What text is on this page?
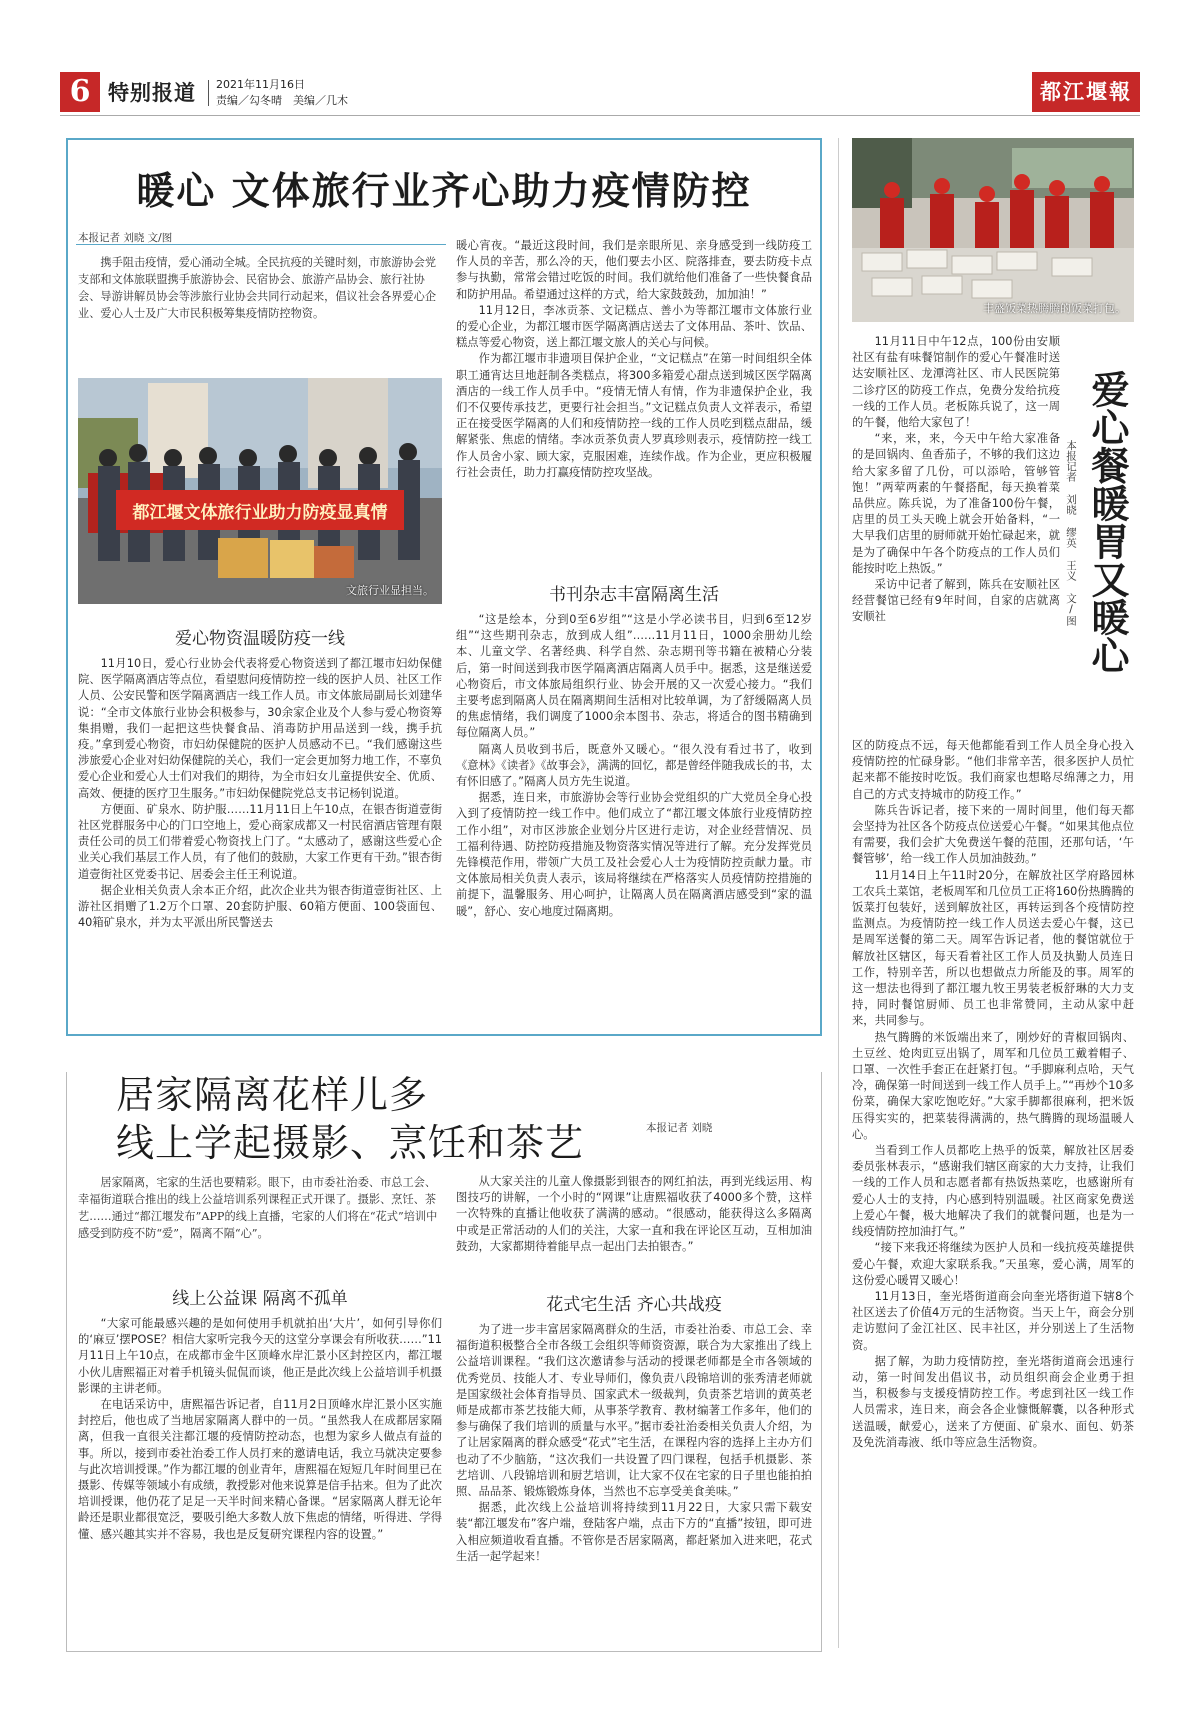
6 特别报道 2021年11月16日
责编／勾冬晴　美编／几木	都江堰報
暖心 文体旅行业齐心助力疫情防控
本报记者 刘晓 文/图

携手阻击疫情，爱心涌动全城。全民抗疫的关键时刻，市旅游协会党支部和文体旅联盟携手旅游协会、民宿协会、旅游产品协会、旅行社协会、导游讲解员协会等涉旅行业协会共同行动起来，倡议社会各界爱心企业、爱心人士及广大市民积极筹集疫情防控物资。

都江堰文体旅行业助力防疫显真情
文旅行业显担当。
爱心物资温暖防疫一线

11月10日，爱心行业协会代表将爱心物资送到了都江堰市妇幼保健院、医学隔离酒店等点位，看望慰问疫情防控一线的医护人员、社区工作人员、公安民警和医学隔离酒店一线工作人员。市文体旅局副局长刘建华说：“全市文体旅行业协会积极参与，30余家企业及个人参与爱心物资筹集捐赠，我们一起把这些快餐食品、消毒防护用品送到一线，携手抗疫。”拿到爱心物资，市妇幼保健院的医护人员感动不已。“我们感谢这些涉旅爱心企业对妇幼保健院的关心，我们一定会更加努力地工作，不辜负爱心企业和爱心人士们对我们的期待，为全市妇女儿童提供安全、优质、高效、便捷的医疗卫生服务。”市妇幼保健院党总支书记杨钊说道。

方便面、矿泉水、防护服……11月11日上午10点，在银杏街道壹街社区党群服务中心的门口空地上，爱心商家成都又一村民宿酒店管理有限责任公司的员工们带着爱心物资找上门了。“太感动了，感谢这些爱心企业关心我们基层工作人员，有了他们的鼓励，大家工作更有干劲。”银杏街道壹街社区党委书记、居委会主任王利说道。

据企业相关负责人余本正介绍，此次企业共为银杏街道壹街社区、上游社区捐赠了1.2万个口罩、20套防护服、60箱方便面、100袋面包、40箱矿泉水，并为太平派出所民警送去

暖心宵夜。“最近这段时间，我们是亲眼所见、亲身感受到一线防疫工作人员的辛苦，那么冷的天，他们要去小区、院落排查，要去防疫卡点参与执勤，常常会错过吃饭的时间。我们就给他们准备了一些快餐食品和防护用品。希望通过这样的方式，给大家鼓鼓劲，加加油！”

11月12日，李冰贡茶、文记糕点、善小为等都江堰市文体旅行业的爱心企业，为都江堰市医学隔离酒店送去了文体用品、茶叶、饮品、糕点等爱心物资，送上都江堰文旅人的关心与问候。

作为都江堰市非遗项目保护企业，“文记糕点”在第一时间组织全体职工通宵达旦地赶制各类糕点，将300多箱爱心甜点送到城区医学隔离酒店的一线工作人员手中。“疫情无情人有情，作为非遗保护企业，我们不仅要传承技艺，更要行社会担当。”文记糕点负责人文祥表示，希望正在接受医学隔离的人们和疫情防控一线的工作人员吃到糕点甜品，缓解紧张、焦虑的情绪。李冰贡茶负责人罗真珍则表示，疫情防控一线工作人员舍小家、顾大家，克服困难，连续作战。作为企业，更应积极履行社会责任，助力打赢疫情防控攻坚战。

书刊杂志丰富隔离生活

“这是绘本，分到0至6岁组”“这是小学必读书目，归到6至12岁组”“这些期刊杂志，放到成人组”……11月11日，1000余册幼儿绘本、儿童文学、名著经典、科学自然、杂志期刊等书籍在被精心分装后，第一时间送到我市医学隔离酒店隔离人员手中。据悉，这是继送爱心物资后，市文体旅局组织行业、协会开展的又一次爱心接力。“我们主要考虑到隔离人员在隔离期间生活相对比较单调，为了舒缓隔离人员的焦虑情绪，我们调度了1000余本图书、杂志，将适合的图书精确到每位隔离人员。”

隔离人员收到书后，既意外又暖心。“很久没有看过书了，收到《意林》《读者》《故事会》，满满的回忆，都是曾经伴随我成长的书，太有怀旧感了。”隔离人员方先生说道。

据悉，连日来，市旅游协会等行业协会党组织的广大党员全身心投入到了疫情防控一线工作中。他们成立了“都江堰文体旅行业疫情防控工作小组”，对市区涉旅企业划分片区进行走访，对企业经营情况、员工福利待遇、防控防疫措施及物资落实情况等进行了解。充分发挥党员先锋模范作用，带领广大员工及社会爱心人士为疫情防控贡献力量。市文体旅局相关负责人表示，该局将继续在严格落实人员疫情防控措施的前提下，温馨服务、用心呵护，让隔离人员在隔离酒店感受到“家的温暖”，舒心、安心地度过隔离期。

居家隔离花样儿多
线上学起摄影、烹饪和茶艺	本报记者 刘晓

居家隔离，宅家的生活也要精彩。眼下，由市委社治委、市总工会、幸福街道联合推出的线上公益培训系列课程正式开课了。摄影、烹饪、茶艺……通过“都江堰发布”APP的线上直播，宅家的人们将在“花式”培训中感受到防疫不防“爱”，隔离不隔“心”。

线上公益课 隔离不孤单

“大家可能最感兴趣的是如何使用手机就拍出‘大片’，如何引导你们的‘麻豆’摆POSE？相信大家听完我今天的这堂分享课会有所收获……”11月11日上午10点，在成都市金牛区顶峰水岸汇景小区封控区内，都江堰小伙儿唐熙福正对着手机镜头侃侃而谈，他正是此次线上公益培训手机摄影课的主讲老师。

在电话采访中，唐熙福告诉记者，自11月2日顶峰水岸汇景小区实施封控后，他也成了当地居家隔离人群中的一员。“虽然我人在成都居家隔离，但我一直很关注都江堰的疫情防控动态，也想为家乡人做点有益的事。所以，接到市委社治委工作人员打来的邀请电话，我立马就决定要参与此次培训授课。”作为都江堰的创业青年，唐熙福在短短几年时间里已在摄影、传媒等领域小有成绩，教授影对他来说算是信手拈来。但为了此次培训授课，他仍花了足足一天半时间来精心备课。“居家隔离人群无论年龄还是职业都很宽泛，要吸引绝大多数人放下焦虑的情绪，听得进、学得懂、感兴趣其实并不容易，我也是反复研究课程内容的设置。”

从大家关注的儿童人像摄影到银杏的网红拍法，再到光线运用、构图技巧的讲解，一个小时的“网课”让唐熙福收获了4000多个赞，这样一次特殊的直播让他收获了满满的感动。“很感动，能获得这么多隔离中或是正常活动的人们的关注，大家一直和我在评论区互动，互相加油鼓劲，大家都期待着能早点一起出门去拍银杏。”

花式宅生活 齐心共战疫

为了进一步丰富居家隔离群众的生活，市委社治委、市总工会、幸福街道积极整合全市各级工会组织等师资资源，联合为大家推出了线上公益培训课程。“我们这次邀请参与活动的授课老师都是全市各领域的优秀党员、技能人才、专业导师们，像负责八段锦培训的张秀清老师就是国家级社会体育指导员、国家武术一级裁判，负责茶艺培训的黄英老师是成都市茶艺技能大师，从事茶学教育、教材编著工作多年，他们的参与确保了我们培训的质量与水平。”据市委社治委相关负责人介绍，为了让居家隔离的群众感受“花式”宅生活，在课程内容的选择上主办方们也动了不少脑筋，“这次我们一共设置了四门课程，包括手机摄影、茶艺培训、八段锦培训和厨艺培训，让大家不仅在宅家的日子里也能拍拍照、品品茶、锻炼锻炼身体，当然也不忘享受美食美味。”

据悉，此次线上公益培训将持续到11月22日，大家只需下载安装“都江堰发布”客户端，登陆客户端，点击下方的“直播”按钮，即可进入相应频道收看直播。不管你是否居家隔离，都赶紧加入进来吧，花式生活一起学起来！

丰盛饭菜热腾腾的饭菜打包。

11月11日中午12点，100份由安顺社区有盐有味餐馆制作的爱心午餐准时送达安顺社区、龙潭湾社区、市人民医院第二诊疗区的防疫工作点，免费分发给抗疫一线的工作人员。老板陈兵说了，这一周的午餐，他给大家包了！

“来，来，来，今天中午给大家准备的是回锅肉、鱼香茄子，不够的我们这边给大家多留了几份，可以添哈，管够管饱！”两荤两素的午餐搭配，每天换着菜品供应。陈兵说，为了准备100份午餐，店里的员工头天晚上就会开始备料，“一大早我们店里的厨师就开始忙碌起来，就是为了确保中午各个防疫点的工作人员们能按时吃上热饭。”

采访中记者了解到，陈兵在安顺社区经营餐馆已经有9年时间，自家的店就离安顺社	爱心餐暖胃又暖心
本报记者 刘晓 缪英 王义 文/图

区的防疫点不远，每天他都能看到工作人员全身心投入疫情防控的忙碌身影。“他们非常辛苦，很多医护人员忙起来都不能按时吃饭。我们商家也想略尽绵薄之力，用自己的方式支持城市的防疫工作。”

陈兵告诉记者，接下来的一周时间里，他们每天都会坚持为社区各个防疫点位送爱心午餐。“如果其他点位有需要，我们会扩大免费送午餐的范围，还那句话，‘午餐管够’，给一线工作人员加油鼓劲。”

11月14日上午11时20分，在解放社区学府路园林工农兵土菜馆，老板周军和几位员工正将160份热腾腾的饭菜打包装好，送到解放社区，再转运到各个疫情防控监测点。为疫情防控一线工作人员送去爱心午餐，这已是周军送餐的第二天。周军告诉记者，他的餐馆就位于解放社区辖区，每天看着社区工作人员及执勤人员连日工作，特别辛苦，所以也想做点力所能及的事。周军的这一想法也得到了都江堰九牧王男装老板舒琳的大力支持，同时餐馆厨师、员工也非常赞同，主动从家中赶来，共同参与。

热气腾腾的米饭端出来了，刚炒好的青椒回锅肉、土豆丝、炝肉豇豆出锅了，周军和几位员工戴着帽子、口罩、一次性手套正在赶紧打包。“手脚麻利点哈，天气冷，确保第一时间送到一线工作人员手上。”“再炒个10多份菜，确保大家吃饱吃好。”大家手脚都很麻利，把米饭压得实实的，把菜装得满满的，热气腾腾的现场温暖人心。

当看到工作人员都吃上热乎的饭菜，解放社区居委委员张林表示，“感谢我们辖区商家的大力支持，让我们一线的工作人员和志愿者都有热饭热菜吃，也感谢所有爱心人士的支持，内心感到特别温暖。社区商家免费送上爱心午餐，极大地解决了我们的就餐问题，也是为一线疫情防控加油打气。”

“接下来我还将继续为医护人员和一线抗疫英雄提供爱心午餐，欢迎大家联系我。”天虽寒，爱心满，周军的这份爱心暖胃又暖心！

11月13日，奎光塔街道商会向奎光塔街道下辖8个社区送去了价值4万元的生活物资。当天上午，商会分别走访慰问了金江社区、民丰社区，并分别送上了生活物资。

据了解，为助力疫情防控，奎光塔街道商会迅速行动，第一时间发出倡议书，动员组织商会企业勇于担当，积极参与支援疫情防控工作。考虑到社区一线工作人员需求，连日来，商会各企业慷慨解囊，以各种形式送温暖，献爱心，送来了方便面、矿泉水、面包、奶茶及免洗消毒液、纸巾等应急生活物资。
